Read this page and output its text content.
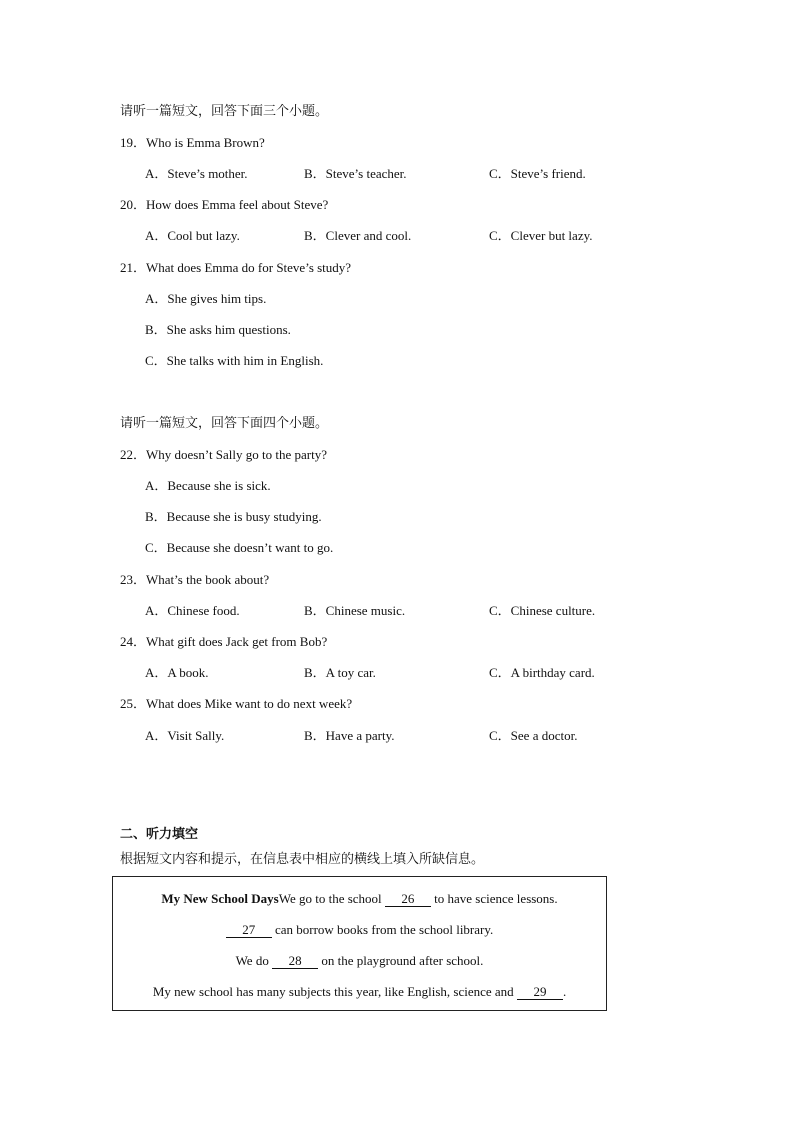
请听一篇短文，回答下面三个小题。
19．Who is Emma Brown?
A．Steve’s mother.	B．Steve’s teacher.	C．Steve’s friend.
20．How does Emma feel about Steve?
A．Cool but lazy.	B．Clever and cool.	C．Clever but lazy.
21．What does Emma do for Steve’s study?
A．She gives him tips.
B．She asks him questions.
C．She talks with him in English.
请听一篇短文，回答下面四个小题。
22．Why doesn’t Sally go to the party?
A．Because she is sick.
B．Because she is busy studying.
C．Because she doesn’t want to go.
23．What’s the book about?
A．Chinese food.	B．Chinese music.	C．Chinese culture.
24．What gift does Jack get from Bob?
A．A book.	B．A toy car.	C．A birthday card.
25．What does Mike want to do next week?
A．Visit Sally.	B．Have a party.	C．See a doctor.
二、听力填空
根据短文内容和提示，在信息表中相应的横线上填入所缺信息。
My New School DaysWe go to the school 26 to have science lessons.
27 can borrow books from the school library.
We do 28 on the playground after school.
My new school has many subjects this year, like English, science and 29 .
